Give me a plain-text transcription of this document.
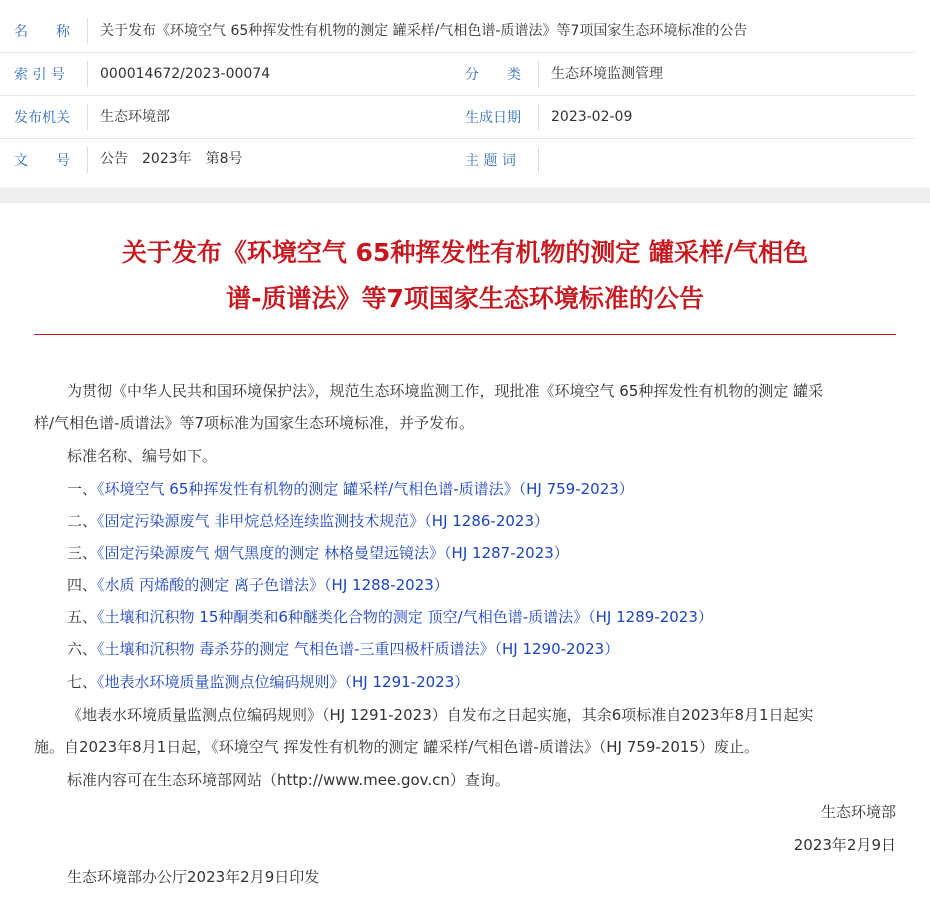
名　　称 关于发布《环境空气 65种挥发性有机物的测定 罐采样/气相色谱-质谱法》等7项国家生态环境标准的公告
索 引 号	000014672/2023-00074	分　　类 生态环境监测管理
发布机关 生态环境部	生成日期 2023-02-09
文　　号 公告　2023年　第8号	主 题 词
关于发布《环境空气 65种挥发性有机物的测定 罐采样/气相色
谱-质谱法》等7项国家生态环境标准的公告
为贯彻《中华人民共和国环境保护法》，规范生态环境监测工作，现批准《环境空气 65种挥发性有机物的测定 罐采
样/气相色谱-质谱法》等7项标准为国家生态环境标准，并予发布。
标准名称、编号如下。
一、《环境空气 65种挥发性有机物的测定 罐采样/气相色谱-质谱法》（HJ 759-2023）
二、《固定污染源废气 非甲烷总烃连续监测技术规范》（HJ 1286-2023）
三、《固定污染源废气 烟气黑度的测定 林格曼望远镜法》（HJ 1287-2023）
四、《水质 丙烯酸的测定 离子色谱法》（HJ 1288-2023）
五、《土壤和沉积物 15种酮类和6种醚类化合物的测定 顶空/气相色谱-质谱法》（HJ 1289-2023）
六、《土壤和沉积物 毒杀芬的测定 气相色谱-三重四极杆质谱法》（HJ 1290-2023）
七、《地表水环境质量监测点位编码规则》（HJ 1291-2023）
《地表水环境质量监测点位编码规则》（HJ 1291-2023）自发布之日起实施，其余6项标准自2023年8月1日起实
施。自2023年8月1日起，《环境空气 挥发性有机物的测定 罐采样/气相色谱-质谱法》（HJ 759-2015）废止。
标准内容可在生态环境部网站（http://www.mee.gov.cn）查询。
生态环境部
2023年2月9日
生态环境部办公厅2023年2月9日印发
